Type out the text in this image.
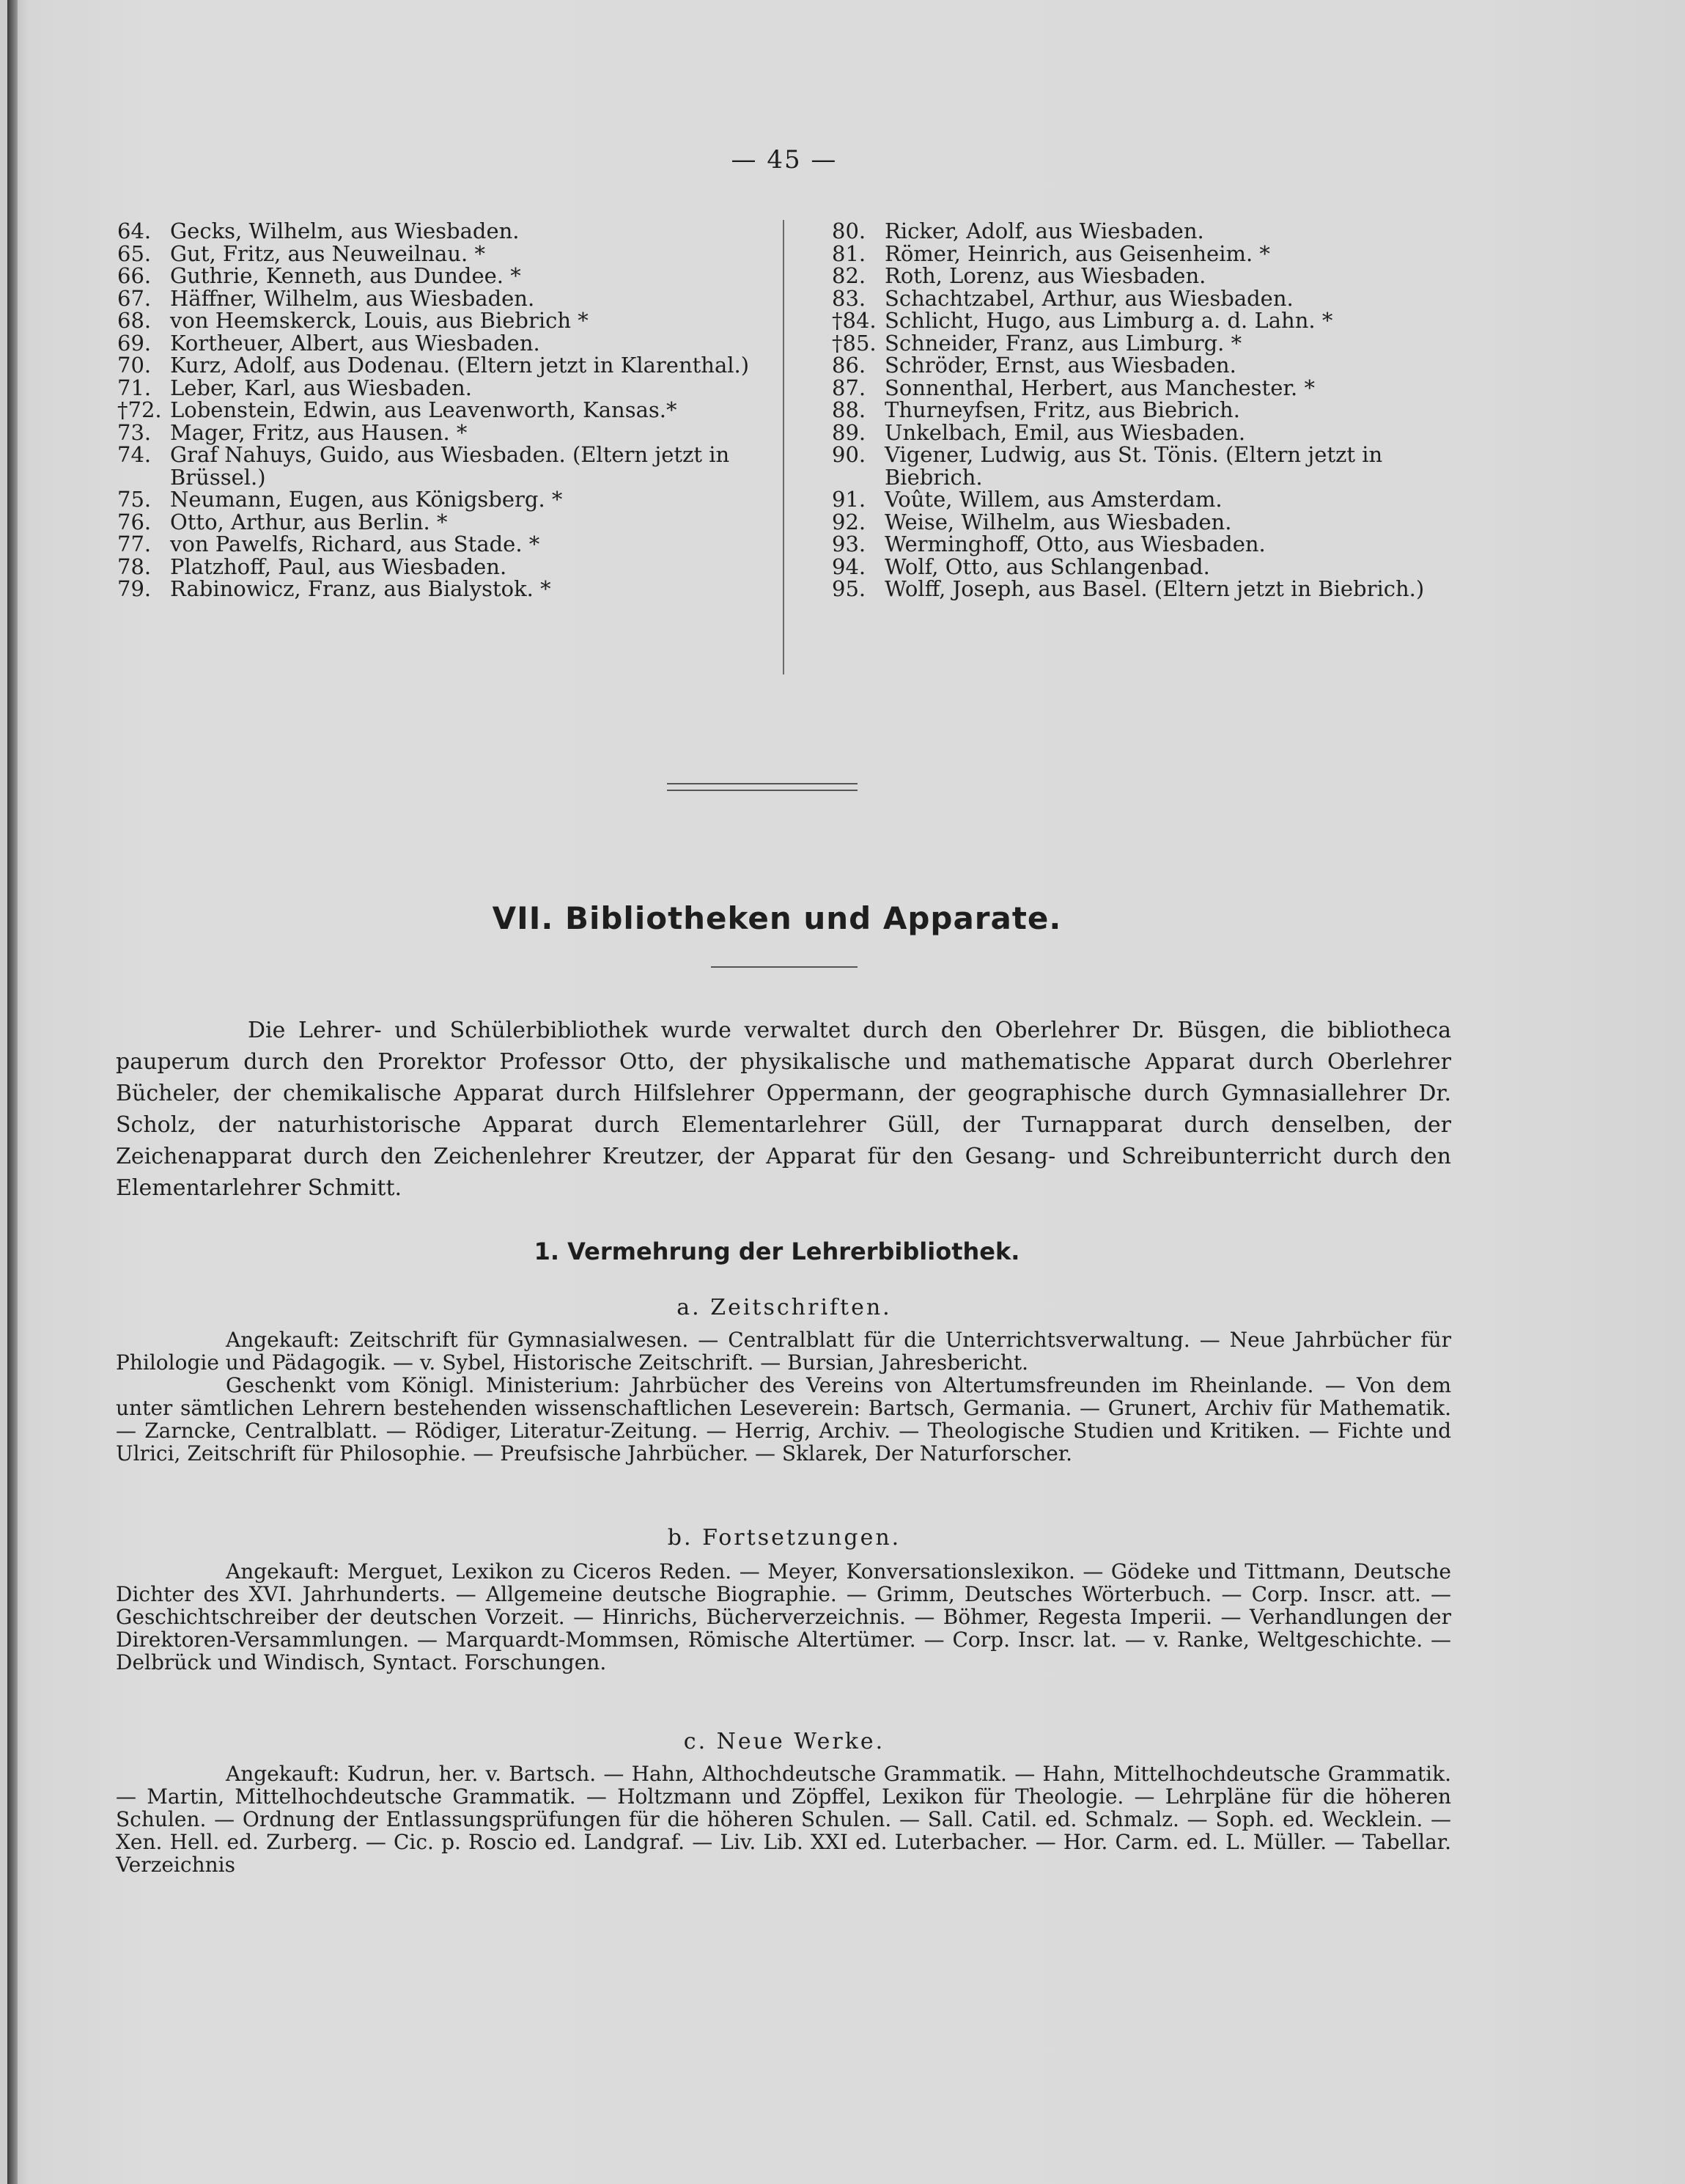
— 45 —
64. Gecks, Wilhelm, aus Wiesbaden.
65. Gut, Fritz, aus Neuweilnau. *
66. Guthrie, Kenneth, aus Dundee. *
67. Häffner, Wilhelm, aus Wiesbaden.
68. von Heemskerck, Louis, aus Biebrich *
69. Kortheuer, Albert, aus Wiesbaden.
70. Kurz, Adolf, aus Dodenau. (Eltern jetzt in Klarenthal.)
71. Leber, Karl, aus Wiesbaden.
†72. Lobenstein, Edwin, aus Leavenworth, Kansas.*
73. Mager, Fritz, aus Hausen. *
74. Graf Nahuys, Guido, aus Wiesbaden. (Eltern jetzt in Brüssel.)
75. Neumann, Eugen, aus Königsberg. *
76. Otto, Arthur, aus Berlin. *
77. von Pawelfs, Richard, aus Stade. *
78. Platzhoff, Paul, aus Wiesbaden.
79. Rabinowicz, Franz, aus Bialystok. *
80. Ricker, Adolf, aus Wiesbaden.
81. Römer, Heinrich, aus Geisenheim. *
82. Roth, Lorenz, aus Wiesbaden.
83. Schachtzabel, Arthur, aus Wiesbaden.
†84. Schlicht, Hugo, aus Limburg a. d. Lahn. *
†85. Schneider, Franz, aus Limburg. *
86. Schröder, Ernst, aus Wiesbaden.
87. Sonnenthal, Herbert, aus Manchester. *
88. Thurneyfsen, Fritz, aus Biebrich.
89. Unkelbach, Emil, aus Wiesbaden.
90. Vigener, Ludwig, aus St. Tönis. (Eltern jetzt in Biebrich.
91. Voûte, Willem, aus Amsterdam.
92. Weise, Wilhelm, aus Wiesbaden.
93. Werminghoff, Otto, aus Wiesbaden.
94. Wolf, Otto, aus Schlangenbad.
95. Wolff, Joseph, aus Basel. (Eltern jetzt in Biebrich.)
VII. Bibliotheken und Apparate.
Die Lehrer- und Schülerbibliothek wurde verwaltet durch den Oberlehrer Dr. Büsgen, die bibliotheca pauperum durch den Prorektor Professor Otto, der physikalische und mathematische Apparat durch Oberlehrer Bücheler, der chemikalische Apparat durch Hilfslehrer Oppermann, der geographische durch Gymnasiallehrer Dr. Scholz, der naturhistorische Apparat durch Elementarlehrer Güll, der Turnapparat durch denselben, der Zeichenapparat durch den Zeichenlehrer Kreutzer, der Apparat für den Gesang- und Schreibunterricht durch den Elementarlehrer Schmitt.
1. Vermehrung der Lehrerbibliothek.
a. Zeitschriften.

Angekauft: Zeitschrift für Gymnasialwesen. — Centralblatt für die Unterrichtsverwaltung. — Neue Jahrbücher für Philologie und Pädagogik. — v. Sybel, Historische Zeitschrift. — Bursian, Jahresbericht.

Geschenkt vom Königl. Ministerium: Jahrbücher des Vereins von Altertumsfreunden im Rheinlande. — Von dem unter sämtlichen Lehrern bestehenden wissenschaftlichen Leseverein: Bartsch, Germania. — Grunert, Archiv für Mathematik. — Zarncke, Centralblatt. — Rödiger, Literatur-Zeitung. — Herrig, Archiv. — Theologische Studien und Kritiken. — Fichte und Ulrici, Zeitschrift für Philosophie. — Preufsische Jahrbücher. — Sklarek, Der Naturforscher.

b. Fortsetzungen.

Angekauft: Merguet, Lexikon zu Ciceros Reden. — Meyer, Konversationslexikon. — Gödeke und Tittmann, Deutsche Dichter des XVI. Jahrhunderts. — Allgemeine deutsche Biographie. — Grimm, Deutsches Wörterbuch. — Corp. Inscr. att. — Geschichtschreiber der deutschen Vorzeit. — Hinrichs, Bücherverzeichnis. — Böhmer, Regesta Imperii. — Verhandlungen der Direktoren-Versammlungen. — Marquardt-Mommsen, Römische Altertümer. — Corp. Inscr. lat. — v. Ranke, Weltgeschichte. — Delbrück und Windisch, Syntact. Forschungen.

c. Neue Werke.

Angekauft: Kudrun, her. v. Bartsch. — Hahn, Althochdeutsche Grammatik. — Hahn, Mittelhochdeutsche Grammatik. — Martin, Mittelhochdeutsche Grammatik. — Holtzmann und Zöpffel, Lexikon für Theologie. — Lehrpläne für die höheren Schulen. — Ordnung der Entlassungsprüfungen für die höheren Schulen. — Sall. Catil. ed. Schmalz. — Soph. ed. Wecklein. — Xen. Hell. ed. Zurberg. — Cic. p. Roscio ed. Landgraf. — Liv. Lib. XXI ed. Luterbacher. — Hor. Carm. ed. L. Müller. — Tabellar. Verzeichnis
